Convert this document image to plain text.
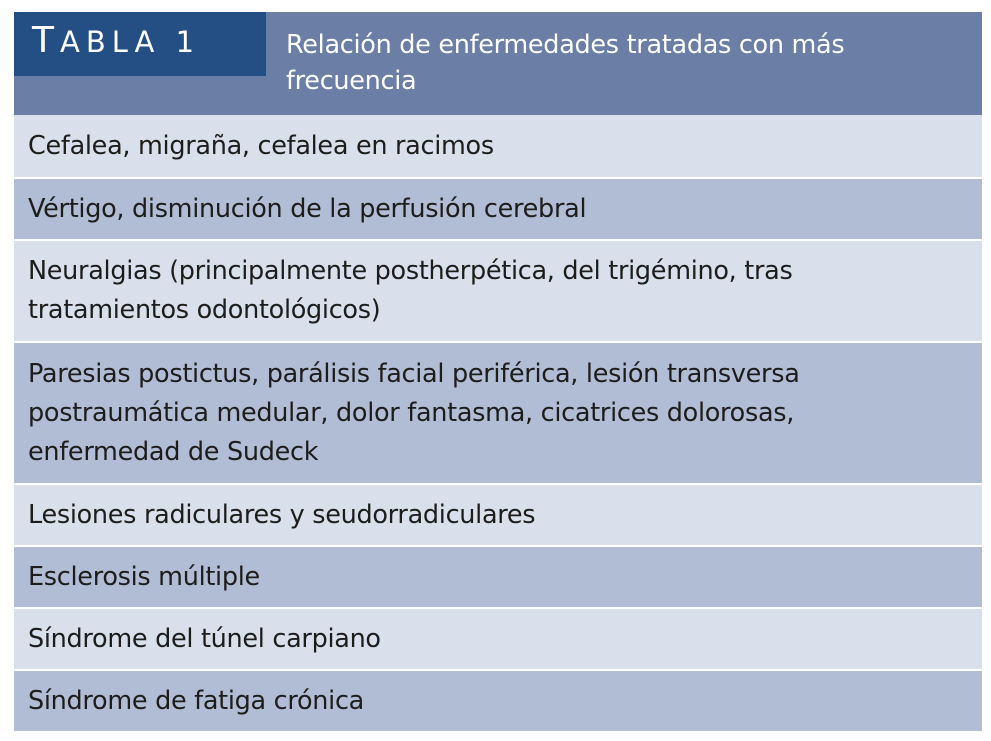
TABLA 1	Relación de enfermedades tratadas con más
frecuencia
Cefalea, migraña, cefalea en racimos
Vértigo, disminución de la perfusión cerebral
Neuralgias (principalmente postherpética, del trigémino, tras
tratamientos odontológicos)
Paresias postictus, parálisis facial periférica, lesión transversa
postraumática medular, dolor fantasma, cicatrices dolorosas,
enfermedad de Sudeck
Lesiones radiculares y seudorradiculares
Esclerosis múltiple
Síndrome del túnel carpiano
Síndrome de fatiga crónica
